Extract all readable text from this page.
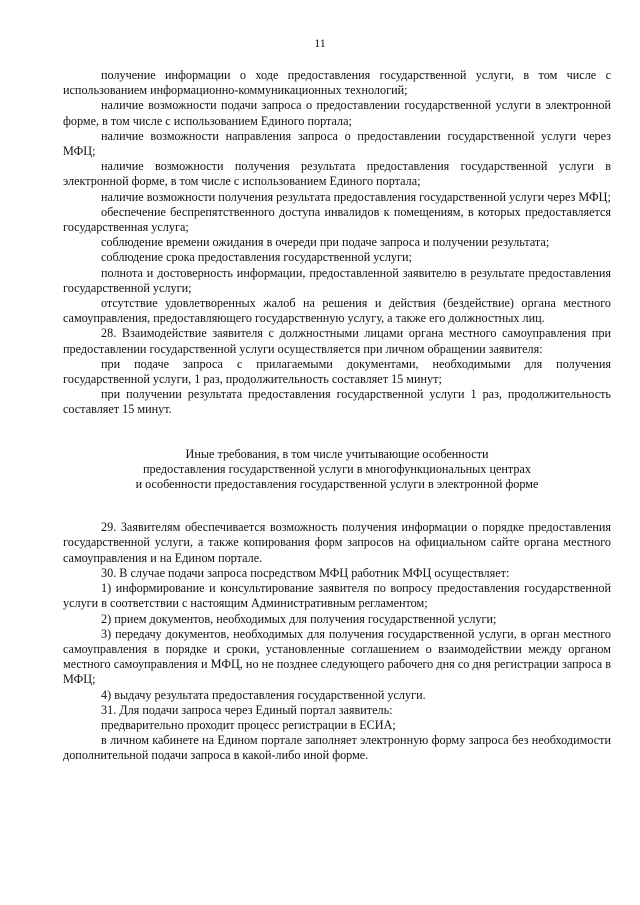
11

получение информации о ходе предоставления государственной услуги, в том числе с использованием информационно-коммуникационных технологий;

наличие возможности подачи запроса о предоставлении государственной услуги в электронной форме, в том числе с использованием Единого портала;

наличие возможности направления запроса о предоставлении государственной услуги через МФЦ;

наличие возможности получения результата предоставления государственной услуги в электронной форме, в том числе с использованием Единого портала;

наличие возможности получения результата предоставления государственной услуги через МФЦ;

обеспечение беспрепятственного доступа инвалидов к помещениям, в которых предоставляется государственная услуга;

соблюдение времени ожидания в очереди при подаче запроса и получении результата;

соблюдение срока предоставления государственной услуги;

полнота и достоверность информации, предоставленной заявителю в результате предоставления государственной услуги;

отсутствие удовлетворенных жалоб на решения и действия (бездействие) органа местного самоуправления, предоставляющего государственную услугу, а также его должностных лиц.

28. Взаимодействие заявителя с должностными лицами органа местного самоуправления при предоставлении государственной услуги осуществляется при личном обращении заявителя:

при подаче запроса с прилагаемыми документами, необходимыми для получения государственной услуги, 1 раз, продолжительность составляет 15 минут;

при получении результата предоставления государственной услуги 1 раз, продолжительность составляет 15 минут.

Иные требования, в том числе учитывающие особенности
предоставления государственной услуги в многофункциональных центрах
и особенности предоставления государственной услуги в электронной форме

29. Заявителям обеспечивается возможность получения информации о порядке предоставления государственной услуги, а также копирования форм запросов на официальном сайте органа местного самоуправления и на Едином портале.

30. В случае подачи запроса посредством МФЦ работник МФЦ осуществляет:

1) информирование и консультирование заявителя по вопросу предоставления государственной услуги в соответствии с настоящим Административным регламентом;

2) прием документов, необходимых для получения государственной услуги;

3) передачу документов, необходимых для получения государственной услуги, в орган местного самоуправления в порядке и сроки, установленные соглашением о взаимодействии между органом местного самоуправления и МФЦ, но не позднее следующего рабочего дня со дня регистрации запроса в МФЦ;

4) выдачу результата предоставления государственной услуги.

31. Для подачи запроса через Единый портал заявитель:

предварительно проходит процесс регистрации в ЕСИА;

в личном кабинете на Едином портале заполняет электронную форму запроса без необходимости дополнительной подачи запроса в какой-либо иной форме.
